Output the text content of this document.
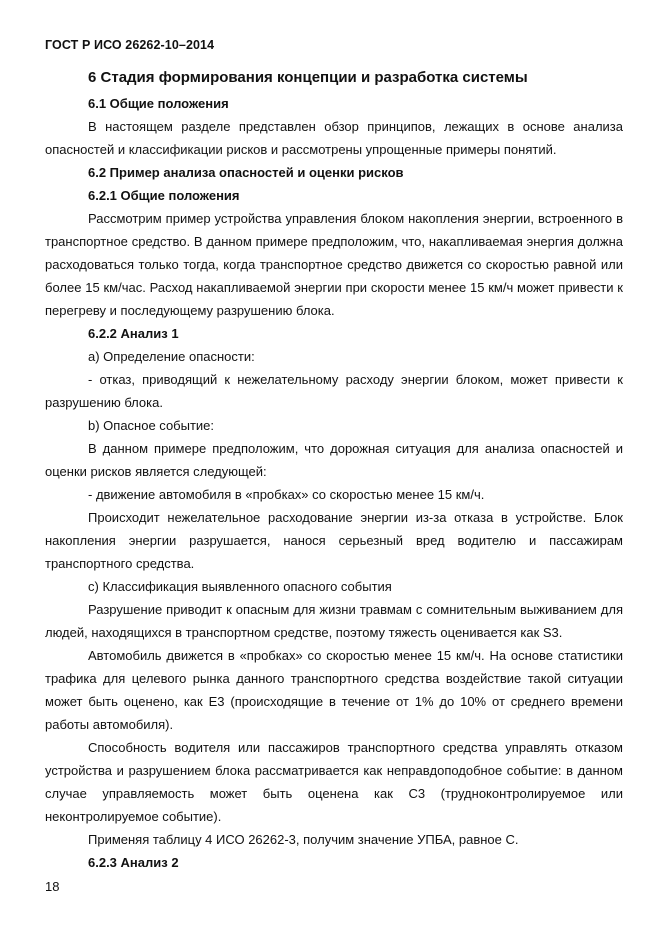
ГОСТ Р ИСО 26262-10–2014

6 Стадия формирования концепции и разработка системы

6.1 Общие положения

В настоящем разделе представлен обзор принципов, лежащих в основе анализа опасностей и классификации рисков и рассмотрены упрощенные примеры понятий.

6.2 Пример анализа опасностей и оценки рисков

6.2.1 Общие положения

Рассмотрим пример устройства управления блоком накопления энергии, встроенного в транспортное средство. В данном примере предположим, что, накапливаемая энергия должна расходоваться только тогда, когда транспортное средство движется со скоростью равной или более 15 км/час. Расход накапливаемой энергии при скорости менее 15 км/ч может привести к перегреву и последующему разрушению блока.

6.2.2 Анализ 1

a) Определение опасности:

- отказ, приводящий к нежелательному расходу энергии блоком, может привести к разрушению блока.

b) Опасное событие:

В данном примере предположим, что дорожная ситуация для анализа опасностей и оценки рисков является следующей:

- движение автомобиля в «пробках» со скоростью менее 15 км/ч.

Происходит нежелательное расходование энергии из-за отказа в устройстве. Блок накопления энергии разрушается, нанося серьезный вред водителю и пассажирам транспортного средства.

c) Классификация выявленного опасного события

Разрушение приводит к опасным для жизни травмам с сомнительным выживанием для людей, находящихся в транспортном средстве, поэтому тяжесть оценивается как S3.

Автомобиль движется в «пробках» со скоростью менее 15 км/ч. На основе статистики трафика для целевого рынка данного транспортного средства воздействие такой ситуации может быть оценено, как Е3 (происходящие в течение от 1% до 10% от среднего времени работы автомобиля).

Способность водителя или пассажиров транспортного средства управлять отказом устройства и разрушением блока рассматривается как неправдоподобное событие: в данном случае управляемость может быть оценена как С3 (трудноконтролируемое или неконтролируемое событие).

Применяя таблицу 4 ИСО 26262-3, получим значение УПБА, равное С.

6.2.3 Анализ 2

18
